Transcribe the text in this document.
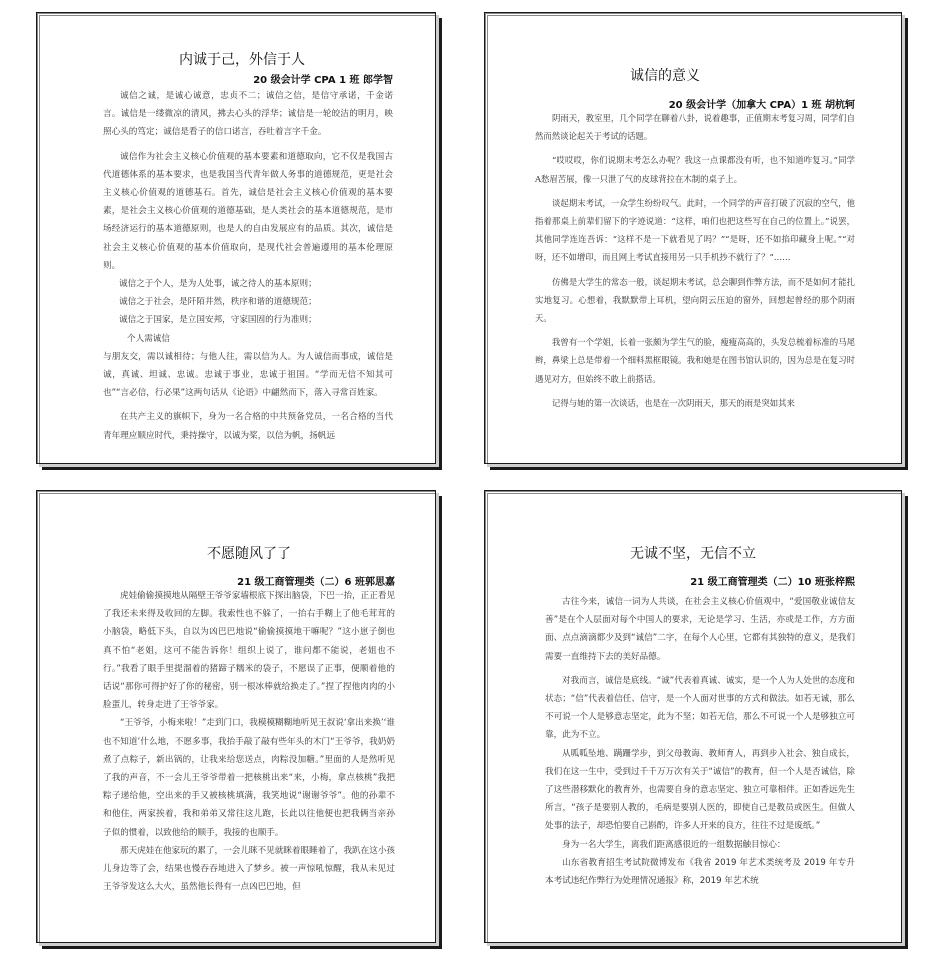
内诚于己，外信于人
20 级会计学 CPA 1 班 郎学智

诚信之诚，是诚心诚意，忠贞不二；诚信之信，是信守承诺，千金诺言。诚信是一缕微凉的清风，拂去心头的浮华；诚信是一轮皎洁的明月，映照心头的笃定；诚信是看子的信口诺言，吞吐着言字千金。

诚信作为社会主义核心价值观的基本要素和道德取向，它不仅是我国古代道德体系的基本要求，也是我国当代青年做人务事的道德规范，更是社会主义核心价值观的道德基石。首先，诚信是社会主义核心价值观的基本要素，是社会主义核心价值观的道德基础，是人类社会的基本道德规范，是市场经济运行的基本道德原则，也是人的自由发展应有的品质。其次，诚信是社会主义核心价值观的基本价值取向，是现代社会普遍遵用的基本伦理原则。

诚信之于个人，是为人处事，诚之待人的基本原则；

诚信之于社会，是阡陌井然，秩序和谐的道德规范；

诚信之于国家，是立国安邦，守家国固的行为准则；

个人需诚信

与朋友交，需以诚相待；与他人往，需以信为人。为人诚信而事成，诚信是诚，真诚、坦诚、忠诚。忠诚于事业，忠诚于祖国。“学而无信不知其可也”“言必信，行必果”这两句话从《论语》中翩然而下，落入寻常百姓家。

在共产主义的旗帜下，身为一名合格的中共预备党员，一名合格的当代青年理应顺应时代，秉持操守，以诚为桨，以信为帆，扬帆远

诚信的意义
20 级会计学（加拿大 CPA）1 班 胡杭轲

阴雨天，教室里，几个同学在聊着八卦，说着趣事，正值期末考复习周，同学们自然而然谈论起关于考试的话题。

“哎哎哎，你们说期末考怎么办呢？我这一点课都没有听，也不知道咋复习。”同学A愁眉苦展，像一只泄了气的皮球背拉在木制的桌子上。

谈起期末考试，一众学生纷纷叹气。此时，一个同学的声音打破了沉寂的空气，他指着那桌上前辈们留下的字迹说道：“这样，咱们也把这些写在自己的位置上。”说罢，其他同学连连吾诉：“这样不是一下就看见了吗？”“是呀，还不如掐印藏身上呢。”“对呀，还不如增印，而且网上考试直接用另一只手机抄不就行了？”……

仿佛是大学生的常态一般，谈起期末考试，总会聊到作弊方法，而不是如何才能扎实地复习。心想着，我默默带上耳机，望向阴云压迫的窗外，回想起曾经的那个阴雨天。

我曾有一个学姐，长着一张颇为学生气的脸，瘦瘦高高的，头发总梳着标准的马尾辫，鼻梁上总是带着一个细料黑框眼镜。我和她是在图书馆认识的，因为总是在复习时遇见对方，但始终不敢上前搭话。

记得与她的第一次谈话，也是在一次阴雨天，那天的雨是突如其来

不愿随风了了
21 级工商管理类（二）6 班郭思嘉

虎娃偷偷摸摸地从隔壁王爷爷家墙根底下探出脑袋，下巴一抬，正正看见了我还未来得及收回的左脚。我索性也不躲了，一抬右手糊上了他毛茸茸的小脑袋，略低下头，自以为凶巴巴地说“偷偷摸摸地干嘛呢？”这小崽子倒也真不怕“老姐，这可不能告诉你！组织上说了，谁问都不能说，老姐也不行。”我看了眼手里提溜着的猪蹄子糯米的袋子，不愿误了正事，便顺着他的话说“那你可得护好了你的秘密，别一根冰棒就给换走了。”捏了捏他肉肉的小脸蛋儿，转身走进了王爷爷家。

“王爷爷，小梅来啦！”走到门口，我模模糊糊地听见王叔说‘拿出来换’‘谁也不知道’什么地，不愿多事，我抬手敲了敲有些年头的木门“王爷爷，我奶奶煮了点粽子，新出锅的，让我来给您送点，肉粽没加糖。”里面的人是然听见了我的声音，不一会儿王爷爷带着一把核桃出来“来，小梅，拿点核桃”我把粽子递给他，空出来的手又被核桃填满，我笑地说“谢谢爷爷”。他的孙辈不和他住，两家挨着，我和弟弟又常往这儿跑，长此以往他便也把我俩当亲孙子似的惯着，以致他给的顺手，我接的也顺手。

那天虎娃在他家玩的累了，一会儿眯不见就眯着眼睡着了，我趴在这小孩儿身边等了会，结果也慢吞吞地进入了梦乡。被一声惊吼惊醒，我从未见过王爷爷发这么大火，虽然他长得有一点凶巴巴地，但

无诚不坚，无信不立
21 级工商管理类（二）10 班张梓熙

古往今来，诚信一词为人共谈，在社会主义核心价值观中，“爱国敬业诚信友善”是在个人层面对每个中国人的要求，无论是学习、生活，亦或是工作，方方面面、点点滴滴都少及到“诚信”二字，在每个人心里，它都有其独特的意义，是我们需要一直维持下去的美好品德。

对我而言，诚信是底线。“诚”代表着真诚、诚实，是一个人为人处世的态度和状态；“信”代表着信任、信守，是一个人面对世事的方式和做法。如若无诚，那么不可说一个人是够意志坚定，此为不坚；如若无信，那么不可说一个人是够独立可靠，此为不立。

从呱呱坠地、蹒跚学步，到父母教诲、教师育人，再到步入社会、独自成长，我们在这一生中，受到过千千万万次有关于“诚信”的教育，但一个人是否诚信，除了这些潜移默化的教育外，也需要自身的意志坚定、独立可靠相伴。正如香远先生所言，“孩子是要别人教的，毛病是要别人医的，即使自己是教员或医生。但做人处事的法子，却恐怕要自己斟酌，许多人开来的良方，往往不过是废纸。”

身为一名大学生，离我们距离感很近的一组数据触目惊心：

山东省教育招生考试院微博发布《我省 2019 年艺术类统考及 2019 年专升本考试违纪作弊行为处理情况通报》称，2019 年艺术统
